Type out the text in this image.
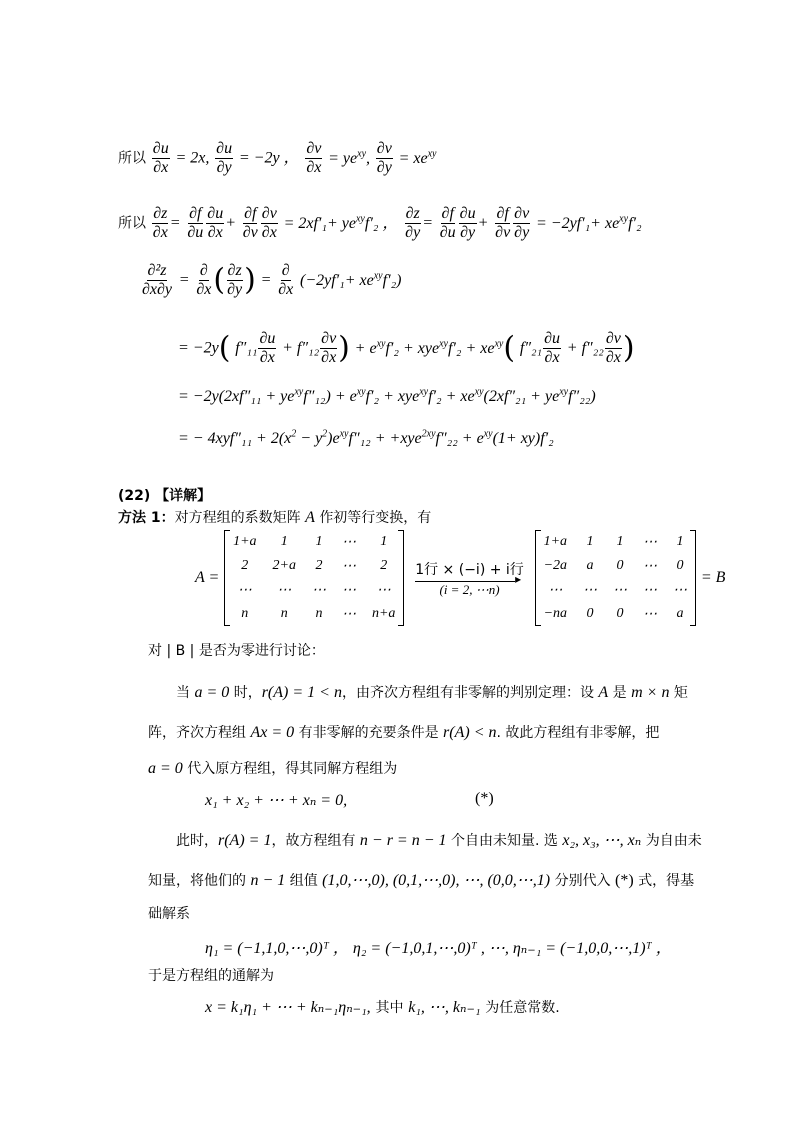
所以 $\frac{\partial u}{\partial x} = 2x$, $\frac{\partial u}{\partial y} = -2y$ ， $\frac{\partial v}{\partial x} = ye^{xy}$, $\frac{\partial v}{\partial y} = xe^{xy}$
所以 $\frac{\partial z}{\partial x} = \frac{\partial f}{\partial u} \frac{\partial u}{\partial x} + \frac{\partial f}{\partial v} \frac{\partial v}{\partial x} = 2xf'_1+ ye^{xy}f'_2$ ， $\frac{\partial z}{\partial y} = \frac{\partial f}{\partial u} \frac{\partial u}{\partial y} + \frac{\partial f}{\partial v} \frac{\partial v}{\partial y} = -2yf'_1+ xe^{xy}f'_2$
$\frac{\text{∂²z}}{\partial x\partial y} = \frac{\partial}{\partial x}$ ( $\frac{\partial z}{\partial y}$ ) = $\frac{\partial}{\partial x} (-2yf'_1+ xe^{xy}f'_2)$
= −2y( $f''_{11} \frac{\partial u}{\partial x} + f''_{12} \frac{\partial v}{\partial x}$ ) + $e^{xy}f'_2 + xye^{xy}f'_2 + xe^{xy}$( $f''_{21} \frac{\partial u}{\partial x} + f''_{22} \frac{\partial v}{\partial x}$ )
= $-2y(2xf''_{11} + ye^{xy}f''_{12}) + e^{xy}f'_2 + xye^{xy}f'_2 + xe^{xy}(2xf''_{21} + ye^{xy}f''_{22})$
= − $4xyf''_{11} + 2(x^2 - y^2)e^{xy}f''_{12} + +xye^{2xy}f''_{22} + e^{xy}(1+ xy)f'_2$
(22) 【详解】
方法 1：对方程组的系数矩阵 A 作初等行变换，有
A =
1+a	1	1	⋯	1
2	2+a	2	⋯	2
⋯	⋯	⋯	⋯	⋯
n	n	n	⋯	n+a 1行 × (−i) + i行
▸
(i = 2, ⋯n)
1+a	1	1	⋯	1
−2a	a	0	⋯	0
⋯	⋯	⋯	⋯	⋯
−na	0	0	⋯	a = B
对 | B | 是否为零进行讨论：
当 a = 0 时，r(A) = 1 < n，由齐次方程组有非零解的判别定理：设 A 是 m × n 矩
阵，齐次方程组 Ax = 0 有非零解的充要条件是 r(A) < n. 故此方程组有非零解，把
a = 0 代入原方程组，得其同解方程组为
x₁ + x₂ + ⋯ + xₙ = 0,	(*)
此时，r(A) = 1，故方程组有 n − r = n − 1 个自由未知量. 选 x₂, x₃, ⋯, xₙ 为自由未
知量，将他们的 n − 1 组值 (1,0,⋯,0), (0,1,⋯,0), ⋯, (0,0,⋯,1) 分别代入 (*) 式，得基
础解系
η₁ = (−1,1,0,⋯,0)ᵀ ， η₂ = (−1,0,1,⋯,0)ᵀ , ⋯, ηₙ₋₁ = (−1,0,0,⋯,1)ᵀ ，
于是方程组的通解为
x = k₁η₁ + ⋯ + kₙ₋₁ηₙ₋₁, 其中 k₁, ⋯, kₙ₋₁ 为任意常数.
